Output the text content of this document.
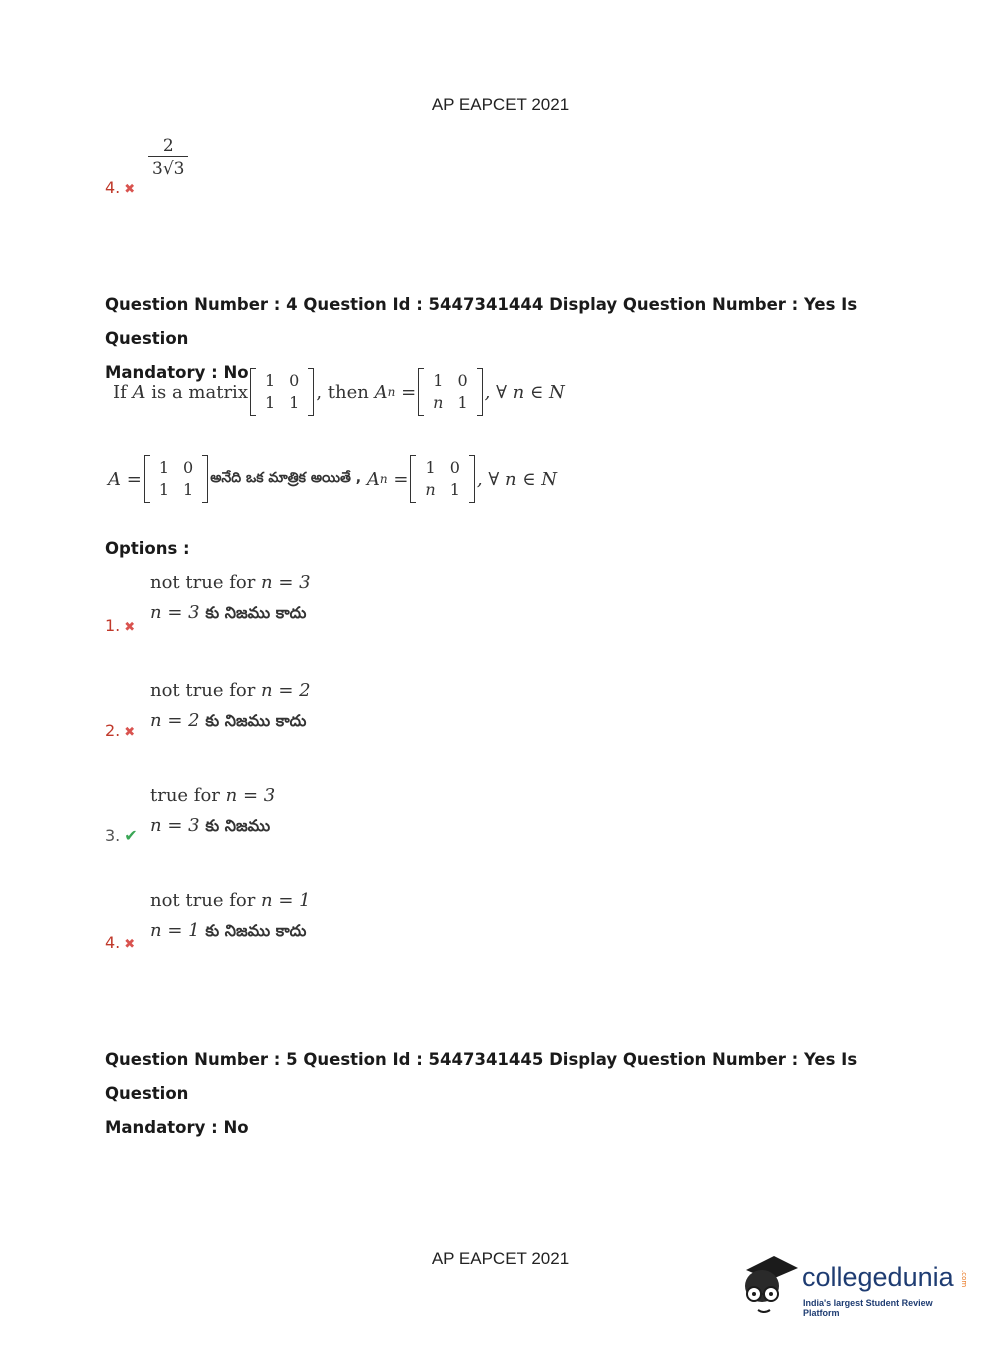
AP EAPCET 2021
4. ✖
$\frac{2}{3√3}$
Question Number : 4 Question Id : 5447341444 Display Question Number : Yes Is Question
Mandatory : No
If
A
is a matrix
1	0
1	1 , then
A n
=
1	0
n	1 , ∀ n ∈ N
A =
1	0
1	1
అనేది ఒక మాత్రిక అయితే ,
A n
=
1	0
n	1 , ∀ n ∈ N
Options :
not true for n = 3
n = 3 కు నిజము కాదు
1. ✖
not true for n = 2
n = 2 కు నిజము కాదు
2. ✖
true for n = 3
n = 3 కు నిజము
3. ✔
not true for n = 1
n = 1 కు నిజము కాదు
4. ✖
Question Number : 5 Question Id : 5447341445 Display Question Number : Yes Is Question
Mandatory : No
AP EAPCET 2021
collegedunia .com
India's largest Student Review Platform
